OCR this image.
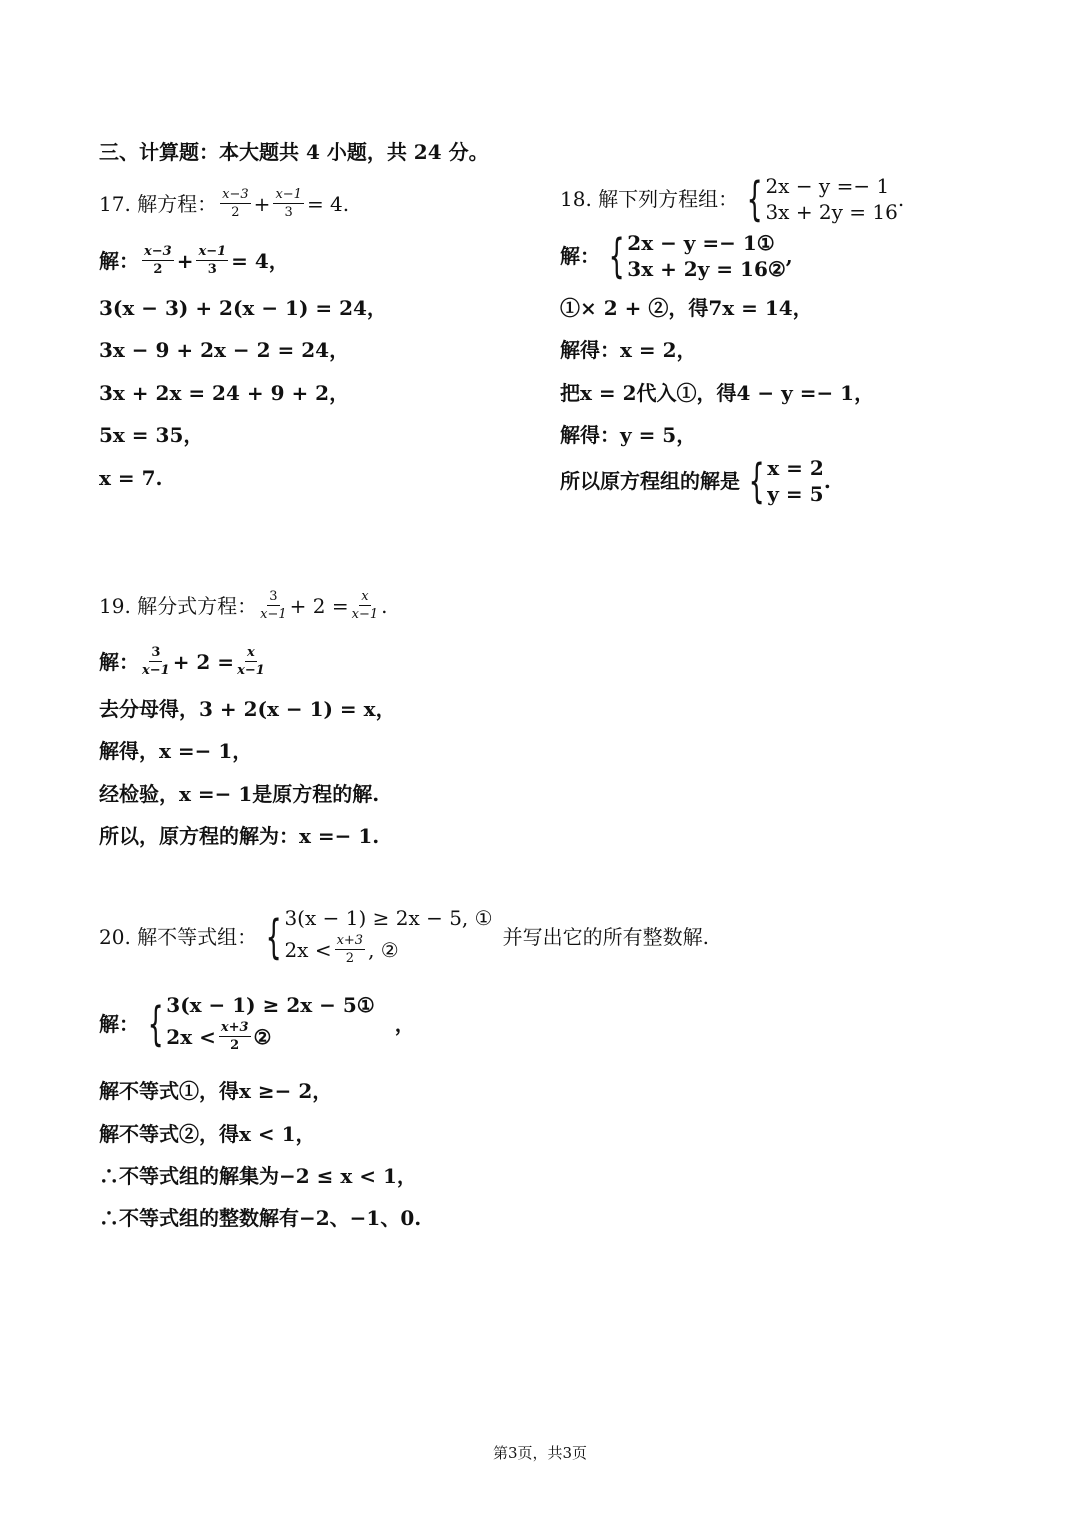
三、计算题：本大题共 4 小题，共 24 分。
17. 解方程： $\frac{x-3}{2} + \frac{x-1}{3} = 4$.
解： $\frac{x-3}{2} + \frac{x-1}{3} = 4$，
3(x − 3) + 2(x − 1) = 24，
3x − 9 + 2x − 2 = 24，
3x + 2x = 24 + 9 + 2，
5x = 35，
x = 7.
18. 解下列方程组： { 2x − y =− 1
3x + 2y = 16
.
解： { 2x − y =− 1①
3x + 2y = 16②
,
①× 2 + ②，得7x = 14，
解得：x = 2，
把x = 2代入①，得4 − y =− 1，
解得：y = 5，
所以原方程组的解是 { x = 2
y = 5
.
19. 解分式方程： $\frac{3}{x-1} + 2 = \frac{x}{x-1}$ .
解： $\frac{3}{x-1} + 2 = \frac{x}{x-1}$
去分母得，3 + 2(x − 1) = x，
解得，x =− 1，
经检验，x =− 1是原方程的解.
所以，原方程的解为：x =− 1.
20. 解不等式组： { 3(x − 1) ≥ 2x − 5, ①
$2x < \frac{x+3}{2}$ , ②
并写出它的所有整数解.
解： { 3(x − 1) ≥ 2x − 5①
$2x < \frac{x+3}{2}$ ②
，
解不等式①，得x ≥− 2，
解不等式②，得x < 1，
∴不等式组的解集为−2 ≤ x < 1，
∴不等式组的整数解有−2、−1、0.
第3页，共3页
